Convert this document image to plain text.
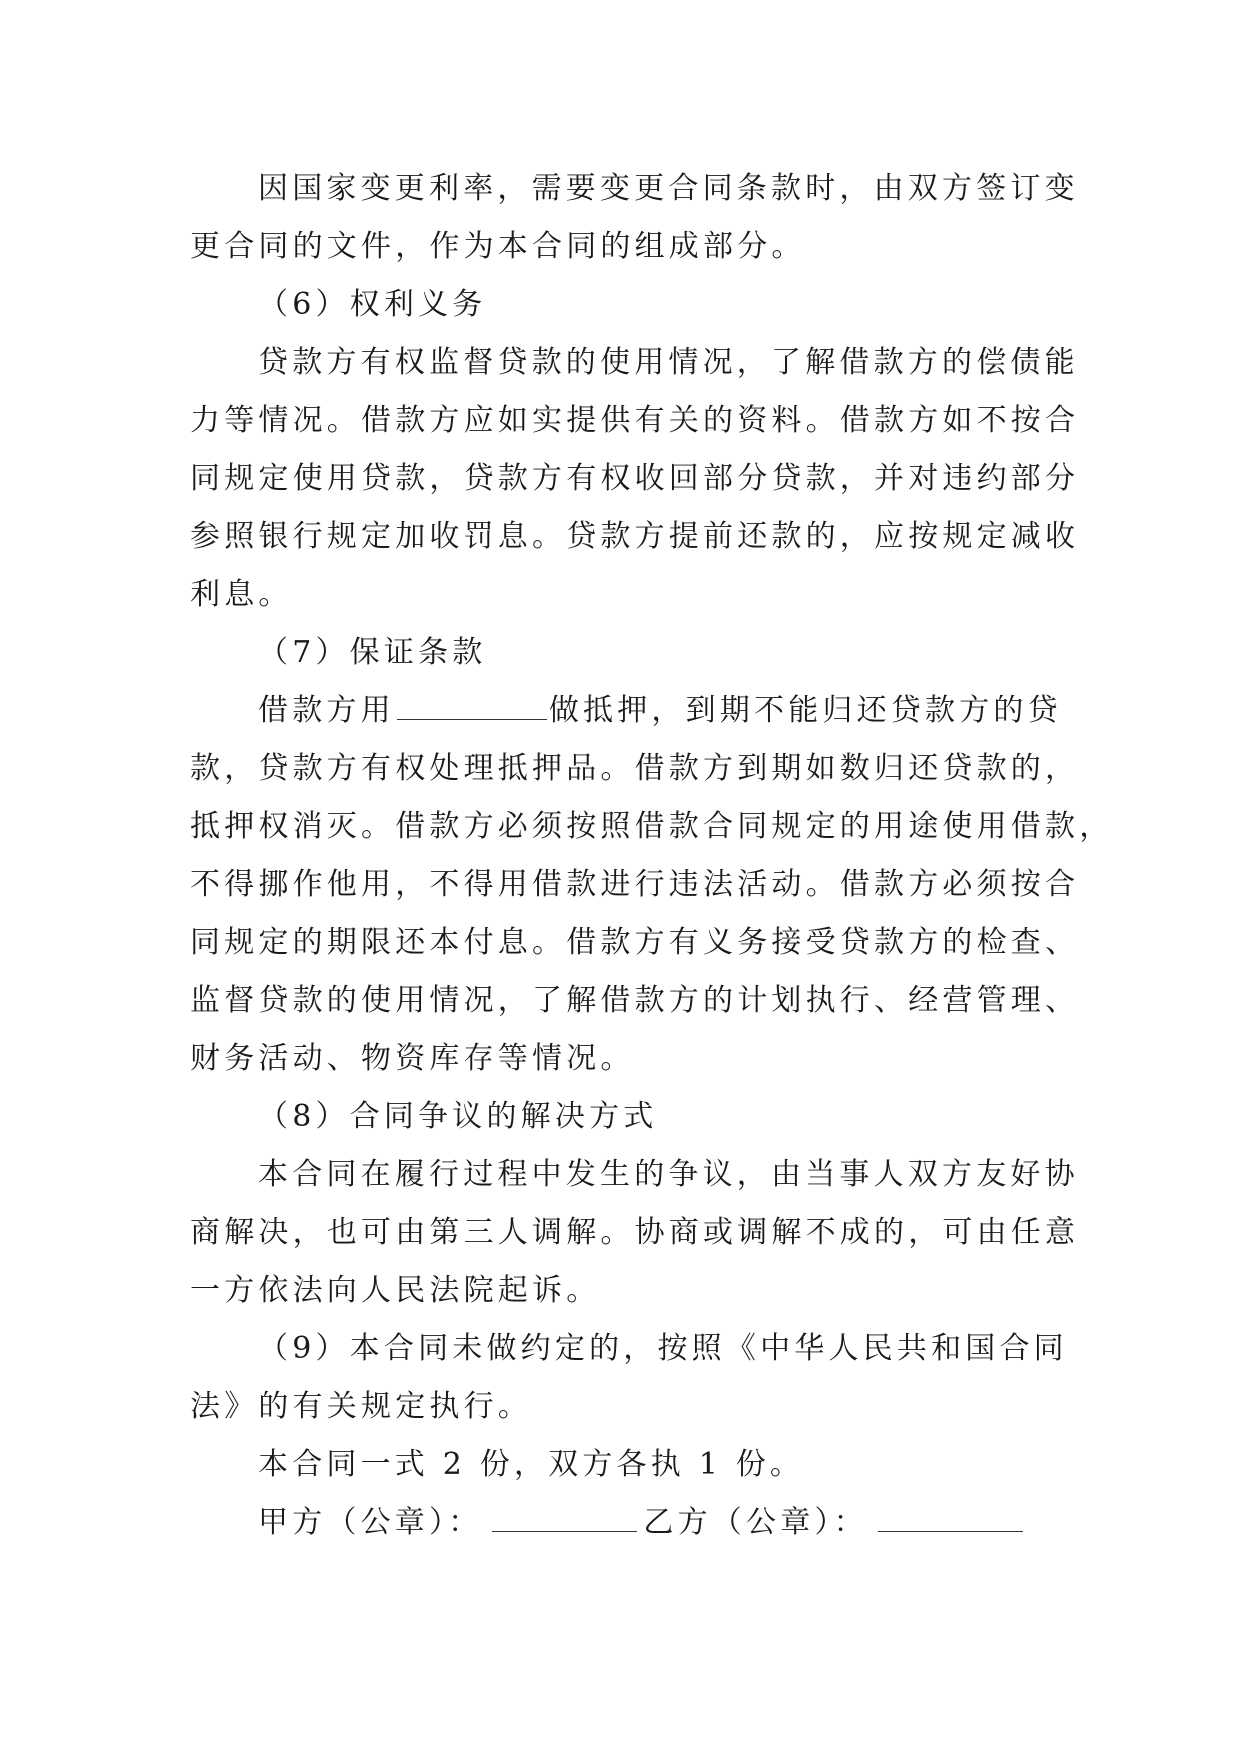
因国家变更利率，需要变更合同条款时，由双方签订变
更合同的文件，作为本合同的组成部分。
（6）权利义务
贷款方有权监督贷款的使用情况，了解借款方的偿债能
力等情况。借款方应如实提供有关的资料。借款方如不按合
同规定使用贷款，贷款方有权收回部分贷款，并对违约部分
参照银行规定加收罚息。贷款方提前还款的，应按规定减收
利息。
（7）保证条款
借款方用	做抵押，到期不能归还贷款方的贷
款，贷款方有权处理抵押品。借款方到期如数归还贷款的，
抵押权消灭。借款方必须按照借款合同规定的用途使用借款，
不得挪作他用，不得用借款进行违法活动。借款方必须按合
同规定的期限还本付息。借款方有义务接受贷款方的检查、
监督贷款的使用情况，了解借款方的计划执行、经营管理、
财务活动、物资库存等情况。
（8）合同争议的解决方式
本合同在履行过程中发生的争议，由当事人双方友好协
商解决，也可由第三人调解。协商或调解不成的，可由任意
一方依法向人民法院起诉。
（9）本合同未做约定的，按照《中华人民共和国合同
法》的有关规定执行。
本合同一式 2 份，双方各执 1 份。
甲方（公章）：	乙方（公章）：
